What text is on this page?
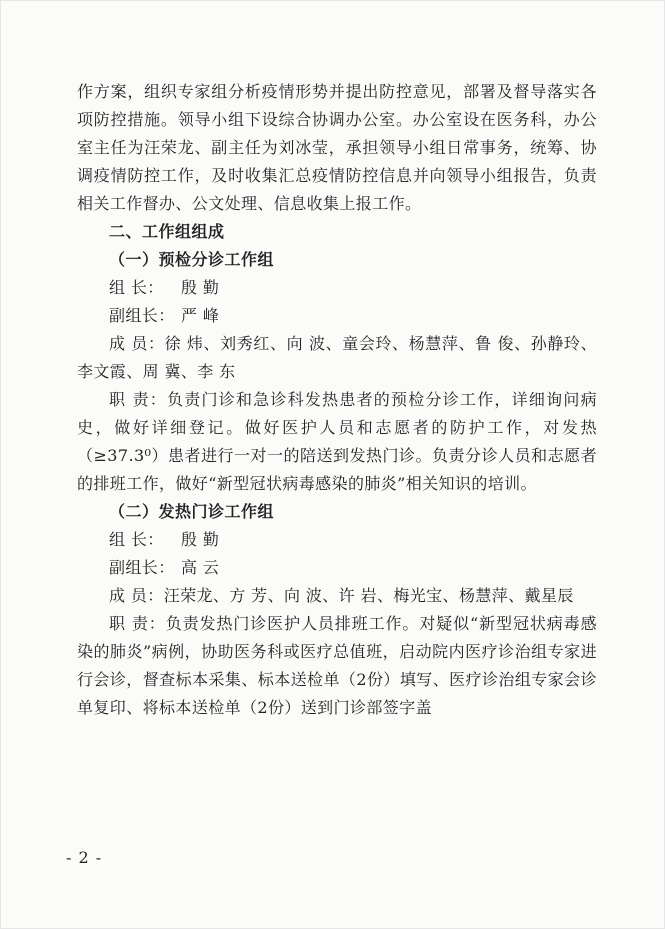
作方案，组织专家组分析疫情形势并提出防控意见，部署及督导落实各项防控措施。领导小组下设综合协调办公室。办公室设在医务科，办公室主任为汪荣龙、副主任为刘冰莹，承担领导小组日常事务，统筹、协调疫情防控工作，及时收集汇总疫情防控信息并向领导小组报告，负责相关工作督办、公文处理、信息收集上报工作。

二、工作组组成

（一）预检分诊工作组

组 长： 殷 勤

副组长： 严 峰

成 员：徐 炜、刘秀红、向 波、童会玲、杨慧萍、鲁 俊、孙静玲、李文霞、周 冀、李 东

职 责：负责门诊和急诊科发热患者的预检分诊工作，详细询问病史，做好详细登记。做好医护人员和志愿者的防护工作，对发热（≥37.3⁰）患者进行一对一的陪送到发热门诊。负责分诊人员和志愿者的排班工作，做好“新型冠状病毒感染的肺炎”相关知识的培训。

（二）发热门诊工作组

组 长： 殷 勤

副组长： 高 云

成 员：汪荣龙、方 芳、向 波、许 岩、梅光宝、杨慧萍、戴星辰

职 责：负责发热门诊医护人员排班工作。对疑似“新型冠状病毒感染的肺炎”病例，协助医务科或医疗总值班，启动院内医疗诊治组专家进行会诊，督查标本采集、标本送检单（2份）填写、医疗诊治组专家会诊单复印、将标本送检单（2份）送到门诊部签字盖

- 2 -
